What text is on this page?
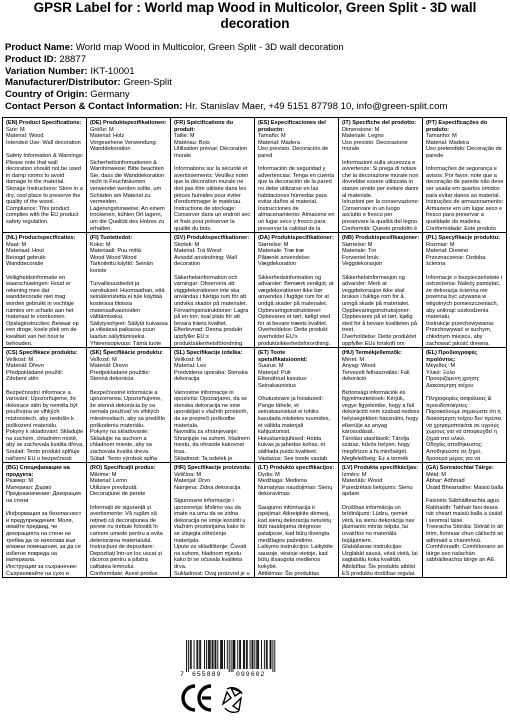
GPSR Label for : World map Wood in Multicolor, Green Split - 3D wall decoration
Product Name: World map Wood in Multicolor, Green Split - 3D wall decoration
Product ID: 28877
Variation Number: IKT-10001
Manufacturer/Distributor: Green-Split
Country of Origin: Germany
Contact Person & Contact Information: Hr. Stanislav Maer, +49 5151 87798 10, info@green-split.com
(EN) Product Specifications:
Size: M
Material: Wood
Intended Use: Wall decoration
Safety Information & Warnings: Please note that wall decoration should not be used in damp rooms to avoid damage to the material.
Storage Instructions: Store in a dry, cool place to preserve the quality of the wood.
Compliance: This product complies with the EU product safety regulation.
(DE) Produktspezifikationen:
Größe: M
Material: Holz
Vorgesehene Verwendung: Wanddekoration
Sicherheitsinformationen & Warnhinweise: Bitte beachten Sie, dass die Wanddekoration nicht in Feuchträumen verwendet werden sollte, um Schäden am Material zu vermeiden.
Lagerungshinweise: An einem trockenen, kühlen Ort lagern, um die Qualität des Holzes zu erhalten.
(FR) Spécifications du produit:
Taille: M
Matériau: Bois
Utilisation prévue: Décoration murale
Informations sur la sécurité et avertissements: Veuillez noter que la décoration murale ne doit pas être utilisée dans les pièces humides pour éviter d'endommager le matériau.
Instructions de stockage: Conserver dans un endroit sec et frais pour préserver la qualité du bois.
(ES) Especificaciones del producto:
Tamaño: M
Material: Madera
Uso previsto: Decoración de pared
Información de seguridad y advertencias: Tenga en cuenta que la decoración de la pared no debe utilizarse en las habitaciones húmedas para evitar daños al material.
Instrucciones de almacenamiento: Almacene en un lugar seco y fresco para preservar la calidad de la
(IT) Specifiche del prodotto:
Dimensione: M
Materiale: Legno
Uso previsto: Decorazione murale
Informazioni sulla sicurezza e avvertenze: Si prega di notare che la decorazione murale non dovrebbe essere utilizzata in stanze umide per evitare danni al materiale.
Istruzioni per la conservazione: Conservare in un luogo asciutto e fresco per preservare la qualità del legno.
Conformità: Questo prodotto è
(PT) Especificações do produto:
Tamanho: M
Material: Madeira
Uso pretendido: Decoração de parede
Informações de segurança e avisos: Por favor, note que a decoração de parede não deve ser usada em quartos úmidos para evitar danos ao material.
Instruções de armazenamento: Armazene em um lugar seco e fresco para preservar a qualidade da madeira.
Conformidade: Este produto
(NL) Productspecificaties:
Maat: M
Materiaal: Hout
Beoogd gebruik: Wanddecoratie
Veiligheidsinformatie en waarschuwingen: Houd er rekening mee dat wanddecoratie niet mag worden gebruikt in vochtige ruimtes om schade aan het materiaal te voorkomen.
Opslaginstructies: Bewaar op een droge, koele plek om de kwaliteit van het hout te behouden.
(FI) Tuotetiedot:
Koko: M
Materiaali: Puu mittä
Wood Wood Wood
Tarkoitettu käyttö: Seinän koriste
Turvallisuustiedot ja varoitukset: Huomaathan, että seinäkoristetta ei tule käyttää kosteissa tiloissa materiaalivaurioiden välttämiseksi.
Säilytysohjeet: Säilytä kuivassa ja viileässä paikassa puun laadun säilyttämiseksi.
Yhteensopivuus: Tämä tuote
(SV) Produktspecifikationer:
Storlek: M
Material: Trä Wood
Avsedd användning: Wall decoration
Säkerhetsinformation och varningar: Observera att väggdekorationen inte ska användas i fuktiga rum för att undvika skador på materialet.
Förvaringsinstruktioner: Lagra på en torr, sval plats för att bevara träets kvalitet.
Efterlevnad: Denna produkt uppfyller EU:s produktsäkerhetsförordning.
(DA) Produktspecifikationer:
Størrelse: M
Materiale: Træ træ
Påtænkt anvendelse: Vægdekoration
Sikkerhedsinformation og advarsler: Bemærk venligst, at vægdekorationen ikke bør anvendes i fugtige rum for at undgå skader på materialet.
Opbevaringsinstruktioner: Opbevares et tørt, køligt sted for at bevare træets kvalitet.
Overholdelse: Dette produkt overholder EU's produktsikkerhedsforordning.
(NB) Produktspesifikasjoner:
Størrelse: M
Materiale: Tre
Forventet bruk: Veggdekorasjon
Sikkerhetsinformasjon og advarsler: Merk at veggdekorasjon ikke skal brukes i fuktige rom for å unngå skade på materialet.
Oppbevaringsinstruksjoner: Oppbevares på et tørt, kjølig sted for å bevare kvaliteten på treet.
Overholdelse: Dette produktet oppfyller EUs forskrift om
(PL) Specyfikacje produktu:
Rozmiar: M
Materiał: Drewno
Przeznaczenie: Ozdoba ścienna
Informacje o bezpieczeństwie i ostrzeżenia: Należy pamiętać, że dekoracja ścienna nie powinna być używana w wilgotnych pomieszczeniach, aby uniknąć uszkodzenia materiału.
Instrukcje przechowywania: Przechowywać w suchym, chłodnym miejscu, aby zachować jakość drewna.
(CS) Specifikace produktu:
Velikost: M
Materiál: Dřevo
Předpokládané použití: Zdobení stěn
Bezpečnostní informace a varování: Upozorňujeme, že dekorace stěn by neměla být používána ve vlhkých místnostech, aby nedošlo k poškození materiálu.
Pokyny k skladování: Skladujte na suchém, chladném místě, aby se zachovala kvalita dřeva.
Soulad: Tento produkt splňuje nařízení EU o bezpečnosti
(SK) Špecifikácie produktu:
Veľkosť: M
Materiál: Drevo
Predpokladané použitie: Stenná dekorácia
Bezpečnostné informácie a upozornenia: Upozorňujeme, že stenná dekorácia by sa nemala používať vo vlhkých miestnostiach, aby sa predišlo poškodeniu materiálu.
Pokyny na skladovanie: Skladujte na suchom a chladnom mieste, aby sa zachovala kvalita dreva.
Súlad: Tento výrobok spĺňa
(SL) Specifikacije izdelka:
Velikost: M
Material: Les
Predvidena uporaba: Stenska dekoracija
Varnostne informacije in opozorila: Opozarjamo, da se stenska dekoracija ne sme uporabljati v vlažnih prostorih, da se prepreči poškodbe materiala.
Navodila za shranjevanje: Shranjujte na suhem, hladnem mestu, da ohranite kakovost lesa.
Skladnost: Ta izdelek je
(ET) Toote spetsifikatsioonid:
Suurus: M
Materjal: Puit
Ettenähtud kasutus: Seinakaunistus
Ohutusteave ja hoiatused: Pange tähele, et seinakaunistust ei tohiks kasutada niisketes ruumides, et vältida materjali kahjustumist.
Hoiustamisjuhised: Hoida kuivas ja jahedas kohas, et säilitada puidu kvaliteet.
Vastavus: See toode vastab
(HU) Termékjellemzők:
Méret: M
Anyag: Wood
Tervezett felhasználás: Fali dekoráció
Biztonsági információk és figyelmeztetések: Kérjük, vegye figyelembe, hogy a fali dekorációt nem szabad nedves helyiségekben használni, hogy elkerülje az anyag károsodását.
Tárolási utasítások: Tárolja száraz, hűvös helyen, hogy megőrizze a fa minőségét.
Megfelelőség: Ez a termék
(EL) Προδιαγραφές προϊόντος:
Μέγεθος: M
Υλικό: Ξύλο
Προοριζόμενη χρήση: Διακόσμηση τοίχου
Πληροφορίες ασφάλειας & προειδοποιήσεις: Παρακαλούμε σημειώστε ότι η διακόσμηση τοίχου δεν πρέπει να χρησιμοποιείται σε υγρούς χώρους για να αποφευχθεί η ζημιά στο υλικό.
Οδηγίες αποθήκευσης: Αποθηκεύστε σε ξηρό, δροσερό μέρος για να
(BG) Спецификации на продукта:
Размер: M
Материал: Дърво
Предназначение: Декорация на стени
Информация за безопасност и предупреждения: Моля, имайте предвид, че декорацията на стени не трябва да се използва във влажни помещения, за да се избегне повреда на материала.
Инструкции за съхранение: Съхранявайте на сухо и
(RO) Specificații produs:
Mărime: M
Material: Lemn
Utilizare prevăzută: Decorațiune de perete
Informații de siguranță și avertismente: Vă rugăm să rețineți că decorațiunea de perete nu trebuie folosită în camere umede pentru a evita deteriorarea materialului.
Instrucțiuni de depozitare: Depozitați într-un loc uscat și răcoros pentru a păstra calitatea lemnului.
Conformitate: Acest produs
(HR) Specifikacije proizvoda:
Veličina: M
Materijal: Drvo
Namjena: Zidna dekoracija
Sigurnosne informacije i upozorenja: Molimo vas da imate na umu da se zidna dekoracija ne smije koristiti u vlažnim prostorijama kako bi se izbjegla oštećenja materijala.
Upute za skladištenje: Čuvati na suhom, hladnom mjestu kako bi se očuvala kvaliteta drva.
Sukladnost: Ovaj proizvod je u
(LT) Produkto specifikacijos:
Dydis: M
Medžiaga: Mediena
Numatytas naudojimas: Sienų dekoravimas
Saugumo informacija ir įspėjimai: Atkreipkite dėmesį, kad sienų dekoracija neturėtų būti naudojama drėgnose patalpose, kad būtų išvengta medžiagos pažeidimo.
Laikymo instrukcijos: Laikykite sausoje, vėsioje vietoje, kad būtų išsaugota medienos kokybė.
Atitikimas: Šis produktas
(LV) Produkta specifikācijas:
Izmērs: M
Materiāls: Wood
Paredzētais lietojums: Sienu apdare
Drošības informācija un brīdinājumi: Lūdzu, ņemiet vērā, ka sienu dekorācija nav jāizmanto mitrās telpās, lai izvairītos no materiāla bojājumiem.
Glabāšanas instrukcijas: Uzglabāt sausā, vēsā vietā, lai saglabātu koka kvalitāti.
Atbilstība: Šis produkts atbilst ES produktu drošības regulai.
(GA) Sonraíochtaí Táirge:
Méid: M
Ábhar: Adhmad
Úsáid Bheartaithe: Maisiú balla
Faisnéis Sábháilteachta agus Rabhaidh: Tabhair faoi deara nár cheart maisiú balla a úsáid i seomraí taise.
Treoracha Stórála: Stóráil in áit tirim, fionnuar chun cáilíocht an adhmaid a chaomhnú.
Comhlíonadh: Comhlíonann an táirge seo rialachán sábháilteachta táirge an AE.
7 655889 099602
